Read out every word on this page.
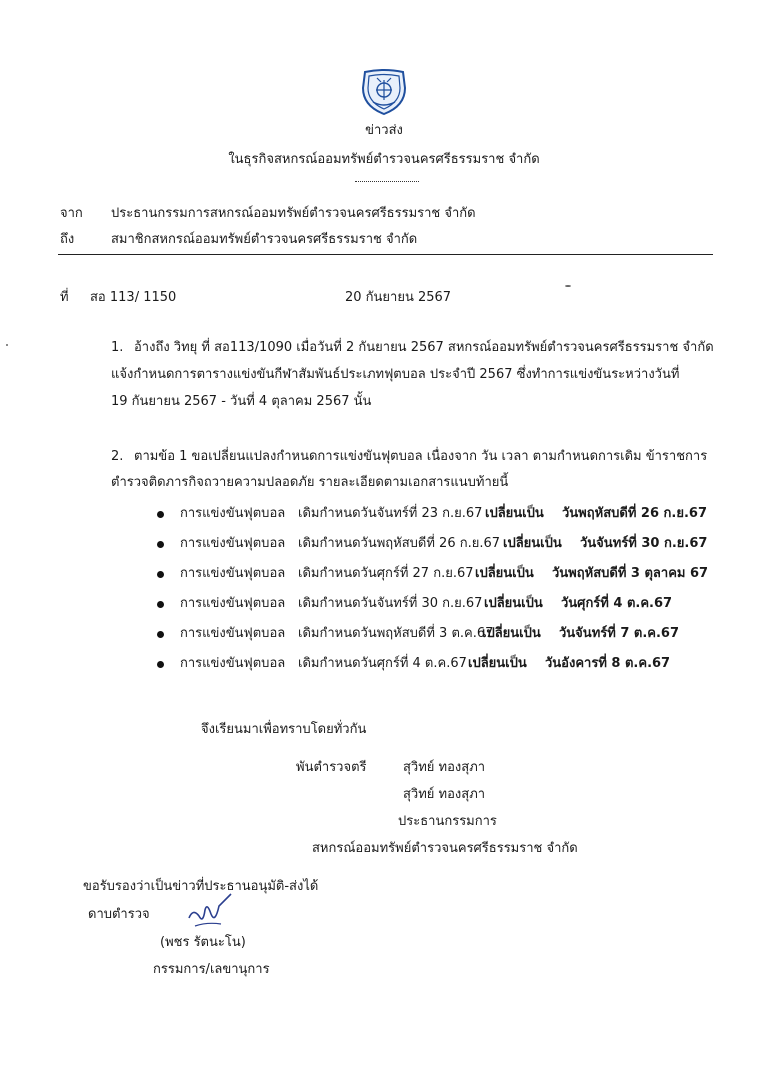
ข่าวส่ง
ในธุรกิจสหกรณ์ออมทรัพย์ตำรวจนครศรีธรรมราช จำกัด
จาก ประธานกรรมการสหกรณ์ออมทรัพย์ตำรวจนครศรีธรรมราช จำกัด
ถึง	สมาชิกสหกรณ์ออมทรัพย์ตำรวจนครศรีธรรมราช จำกัด
ที่ สอ 113/ 1150	20 กันยายน 2567
1. อ้างถึง วิทยุ ที่ สอ113/1090 เมื่อวันที่ 2 กันยายน 2567 สหกรณ์ออมทรัพย์ตำรวจนครศรีธรรมราช จำกัด
แจ้งกำหนดการตารางแข่งขันกีฬาสัมพันธ์ประเภทฟุตบอล ประจำปี 2567 ซึ่งทำการแข่งขันระหว่างวันที่
19 กันยายน 2567 - วันที่ 4 ตุลาคม 2567 นั้น
2. ตามข้อ 1 ขอเปลี่ยนแปลงกำหนดการแข่งขันฟุตบอล เนื่องจาก วัน เวลา ตามกำหนดการเดิม ข้าราชการ
ตำรวจติดภารกิจถวายความปลอดภัย รายละเอียดตามเอกสารแนบท้ายนี้
การแข่งขันฟุตบอล เดิมกำหนดวันจันทร์ที่ 23 ก.ย.67 เปลี่ยนเป็น วันพฤหัสบดีที่ 26 ก.ย.67
การแข่งขันฟุตบอล เดิมกำหนดวันพฤหัสบดีที่ 26 ก.ย.67 เปลี่ยนเป็น วันจันทร์ที่ 30 ก.ย.67
การแข่งขันฟุตบอล เดิมกำหนดวันศุกร์ที่ 27 ก.ย.67 เปลี่ยนเป็น วันพฤหัสบดีที่ 3 ตุลาคม 67
การแข่งขันฟุตบอล เดิมกำหนดวันจันทร์ที่ 30 ก.ย.67 เปลี่ยนเป็น วันศุกร์ที่ 4 ต.ค.67
การแข่งขันฟุตบอล เดิมกำหนดวันพฤหัสบดีที่ 3 ต.ค.67
เปลี่ยนเป็น วันจันทร์ที่ 7 ต.ค.67
การแข่งขันฟุตบอล เดิมกำหนดวันศุกร์ที่ 4 ต.ค.67 เปลี่ยนเป็น วันอังคารที่ 8 ต.ค.67
จึงเรียนมาเพื่อทราบโดยทั่วกัน
พันตำรวจตรี	สุวิทย์ ทองสุภา
สุวิทย์ ทองสุภา
ประธานกรรมการ
สหกรณ์ออมทรัพย์ตำรวจนครศรีธรรมราช จำกัด
ขอรับรองว่าเป็นข่าวที่ประธานอนุมัติ-ส่งได้
ดาบตำรวจ
(พชร รัตนะโน)
กรรมการ/เลขานุการ
